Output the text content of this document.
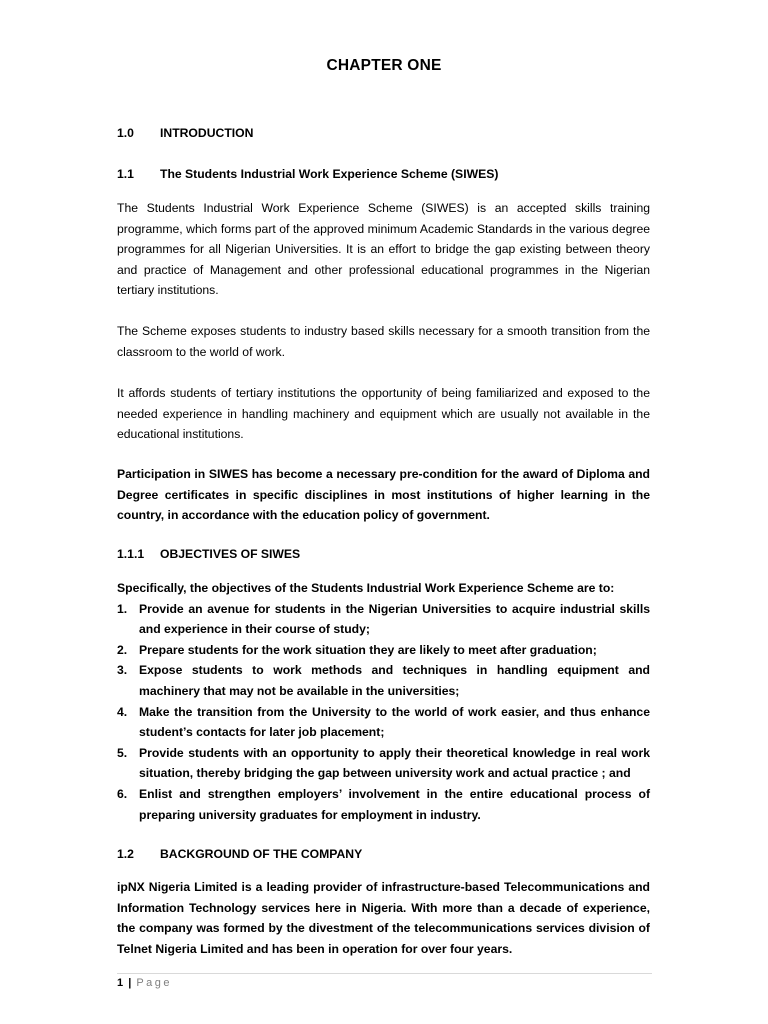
CHAPTER ONE
1.0 INTRODUCTION
1.1 The Students Industrial Work Experience Scheme (SIWES)
The Students Industrial Work Experience Scheme (SIWES) is an accepted skills training programme, which forms part of the approved minimum Academic Standards in the various degree programmes for all Nigerian Universities. It is an effort to bridge the gap existing between theory and practice of Management and other professional educational programmes in the Nigerian tertiary institutions.
The Scheme exposes students to industry based skills necessary for a smooth transition from the classroom to the world of work.
It affords students of tertiary institutions the opportunity of being familiarized and exposed to the needed experience in handling machinery and equipment which are usually not available in the educational institutions.
Participation in SIWES has become a necessary pre-condition for the award of Diploma and Degree certificates in specific disciplines in most institutions of higher learning in the country, in accordance with the education policy of government.
1.1.1 OBJECTIVES OF SIWES
Specifically, the objectives of the Students Industrial Work Experience Scheme are to:
1. Provide an avenue for students in the Nigerian Universities to acquire industrial skills and experience in their course of study;
2. Prepare students for the work situation they are likely to meet after graduation;
3. Expose students to work methods and techniques in handling equipment and machinery that may not be available in the universities;
4. Make the transition from the University to the world of work easier, and thus enhance student’s contacts for later job placement;
5. Provide students with an opportunity to apply their theoretical knowledge in real work situation, thereby bridging the gap between university work and actual practice ; and
6. Enlist and strengthen employers’ involvement in the entire educational process of preparing university graduates for employment in industry.
1.2 BACKGROUND OF THE COMPANY
ipNX Nigeria Limited is a leading provider of infrastructure-based Telecommunications and Information Technology services here in Nigeria. With more than a decade of experience, the company was formed by the divestment of the telecommunications services division of Telnet Nigeria Limited and has been in operation for over four years.
1 | Page
